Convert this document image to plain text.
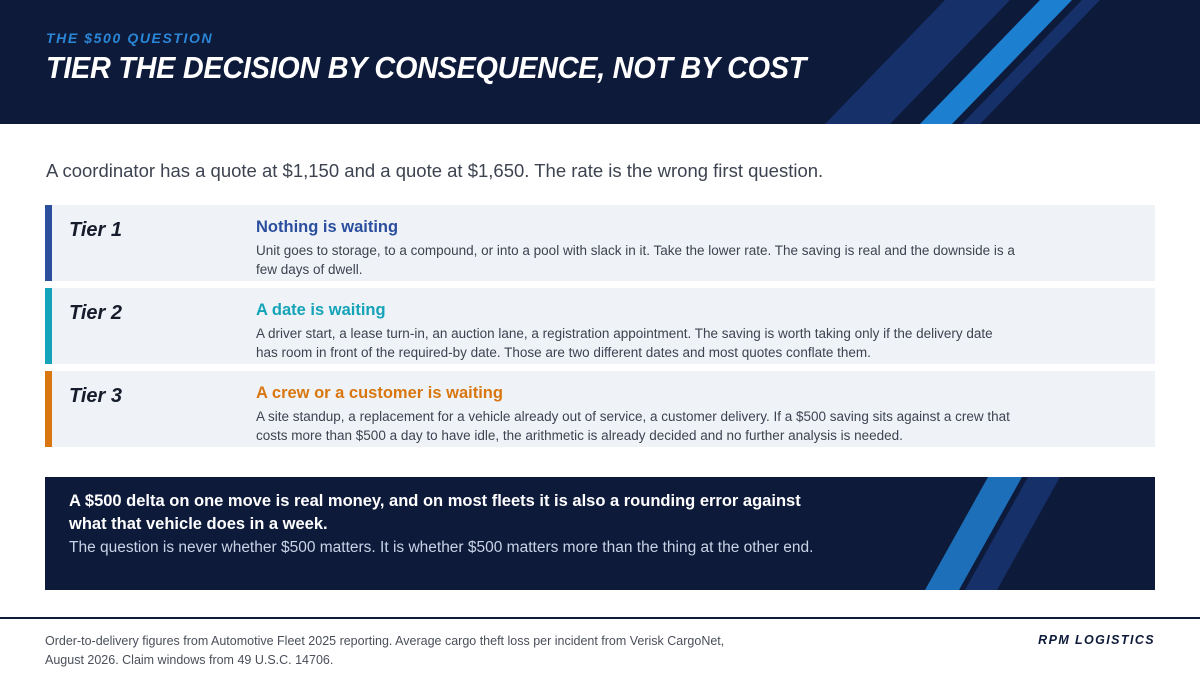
THE $500 QUESTION
TIER THE DECISION BY CONSEQUENCE, NOT BY COST
A coordinator has a quote at $1,150 and a quote at $1,650. The rate is the wrong first question.
Tier 1	Nothing is waiting
Unit goes to storage, to a compound, or into a pool with slack in it. Take the lower rate. The saving is real and the downside is a few days of dwell.
Tier 2	A date is waiting
A driver start, a lease turn-in, an auction lane, a registration appointment. The saving is worth taking only if the delivery date has room in front of the required-by date. Those are two different dates and most quotes conflate them.
Tier 3	A crew or a customer is waiting
A site standup, a replacement for a vehicle already out of service, a customer delivery. If a $500 saving sits against a crew that costs more than $500 a day to have idle, the arithmetic is already decided and no further analysis is needed.
A $500 delta on one move is real money, and on most fleets it is also a rounding error against what that vehicle does in a week.
The question is never whether $500 matters. It is whether $500 matters more than the thing at the other end.
Order-to-delivery figures from Automotive Fleet 2025 reporting. Average cargo theft loss per incident from Verisk CargoNet, August 2026. Claim windows from 49 U.S.C. 14706.
RPM LOGISTICS
